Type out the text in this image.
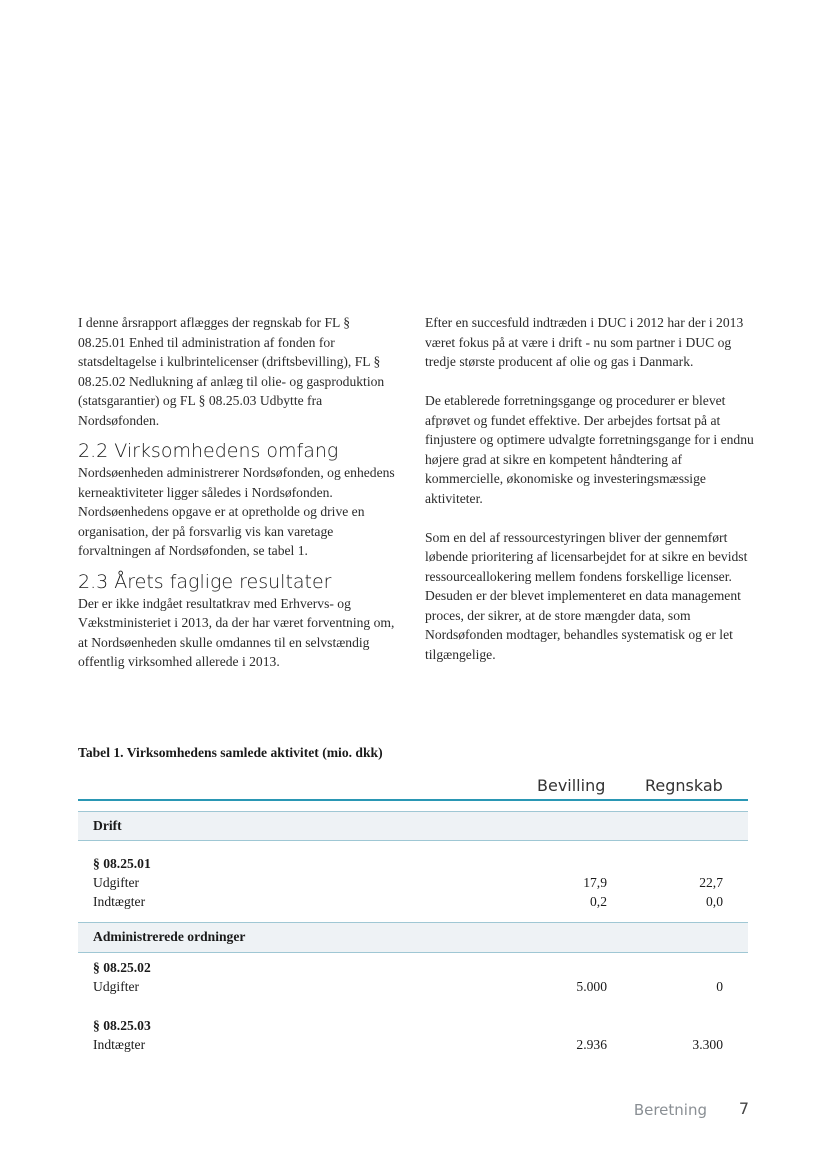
I denne årsrapport aflægges der regnskab for FL § 08.25.01 Enhed til administration af fonden for statsdeltagelse i kulbrintelicenser (driftsbevilling), FL § 08.25.02 Nedlukning af anlæg til olie- og gasproduktion (statsgarantier) og FL § 08.25.03 Udbytte fra Nordsøfonden.

2.2 Virksomhedens omfang

Nordsøenheden administrerer Nordsøfonden, og enhedens kerneaktiviteter ligger således i Nordsøfonden. Nordsøenhedens opgave er at opretholde og drive en organisation, der på forsvarlig vis kan varetage forvaltningen af Nordsøfonden, se tabel 1.

2.3 Årets faglige resultater

Der er ikke indgået resultatkrav med Erhvervs- og Vækstministeriet i 2013, da der har været forventning om, at Nordsøenheden skulle omdannes til en selvstændig offentlig virksomhed allerede i 2013.

Efter en succesfuld indtræden i DUC i 2012 har der i 2013 været fokus på at være i drift - nu som partner i DUC og tredje største producent af olie og gas i Danmark.

De etablerede forretningsgange og procedurer er blevet afprøvet og fundet effektive. Der arbejdes fortsat på at finjustere og optimere udvalgte forretningsgange for i endnu højere grad at sikre en kompetent håndtering af kommercielle, økonomiske og investeringsmæssige aktiviteter.

Som en del af ressourcestyringen bliver der gennemført løbende prioritering af licensarbejdet for at sikre en bevidst ressourceallokering mellem fondens forskellige licenser. Desuden er der blevet implementeret en data management proces, der sikrer, at de store mængder data, som Nordsøfonden modtager, behandles systematisk og er let tilgængelige.

Tabel 1. Virksomhedens samlede aktivitet (mio. dkk)
Bevilling Regnskab
Drift
§ 08.25.01
Udgifter	17,9	22,7
Indtægter	0,2	0,0
Administrerede ordninger
§ 08.25.02
Udgifter	5.000	0
§ 08.25.03
Indtægter	2.936	3.300
Beretning 7
